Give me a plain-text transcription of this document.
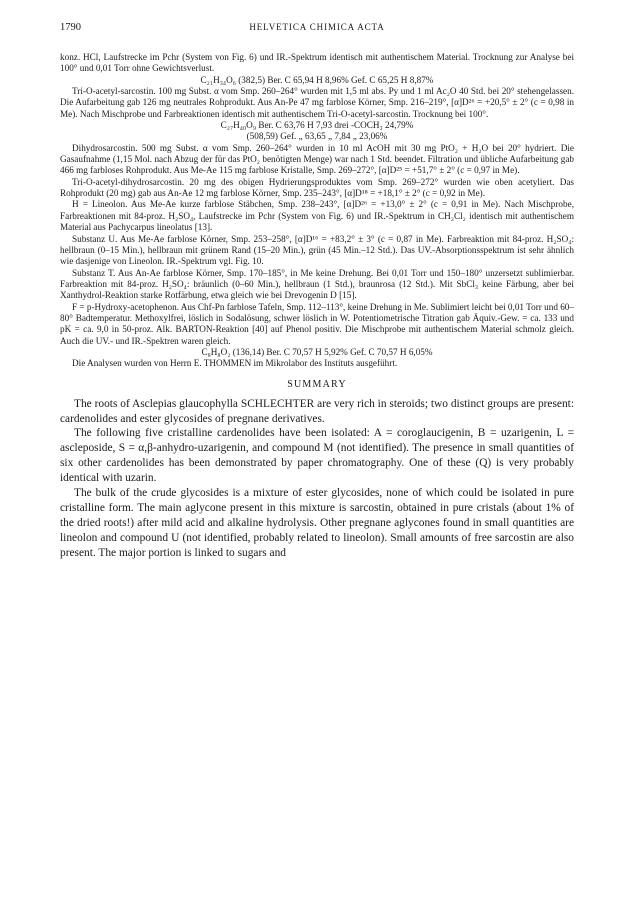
1790	HELVETICA CHIMICA ACTA

konz. HCl, Laufstrecke im Pchr (System von Fig. 6) und IR.-Spektrum identisch mit authentischem Material. Trocknung zur Analyse bei 100° und 0,01 Torr ohne Gewichtsverlust.

C₂₁H₃₄O₆ (382,5) Ber. C 65,94 H 8,96% Gef. C 65,25 H 8,87%

Tri-O-acetyl-sarcostin. 100 mg Subst. α vom Smp. 260–264° wurden mit 1,5 ml abs. Py und 1 ml Ac₂O 40 Std. bei 20° stehengelassen. Die Aufarbeitung gab 126 mg neutrales Rohprodukt. Aus An-Pe 47 mg farblose Körner, Smp. 216–219°, [α]D²⁶ = +20,5° ± 2° (c = 0,98 in Me). Nach Mischprobe und Farbreaktionen identisch mit authentischem Tri-O-acetyl-sarcostin. Trocknung bei 100°.

C₂₇H₄₀O₉ Ber. C 63,76 H 7,93 drei -COCH₃ 24,79%

(508,59) Gef. „ 63,65 „ 7,84 „ 23,06%

Dihydrosarcostin. 500 mg Subst. α vom Smp. 260–264° wurden in 10 ml AcOH mit 30 mg PtO₂ + H₂O bei 20° hydriert. Die Gasaufnahme (1,15 Mol. nach Abzug der für das PtO₂ benötigten Menge) war nach 1 Std. beendet. Filtration und übliche Aufarbeitung gab 466 mg farbloses Rohprodukt. Aus Me-Ae 115 mg farblose Kristalle, Smp. 269–272°, [α]D²⁵ = +51,7° ± 2° (c = 0,97 in Me).

Tri-O-acetyl-dihydrosarcostin. 20 mg des obigen Hydrierungsproduktes vom Smp. 269–272° wurden wie oben acetyliert. Das Rohprodukt (20 mg) gab aus An-Ae 12 mg farblose Körner, Smp. 235–243°, [α]D¹⁸ = +18,1° ± 2° (c = 0,92 in Me).

H = Lineolon. Aus Me-Ae kurze farblose Stäbchen, Smp. 238–243°, [α]D²⁶ = +13,0° ± 2° (c = 0,91 in Me). Nach Mischprobe, Farbreaktionen mit 84-proz. H₂SO₄, Laufstrecke im Pchr (System von Fig. 6) und IR.-Spektrum in CH₂Cl₂ identisch mit authentischem Material aus Pachycarpus lineolatus [13].

Substanz U. Aus Me-Ae farblose Körner, Smp. 253–258°, [α]D¹⁶ = +83,2° ± 3° (c = 0,87 in Me). Farbreaktion mit 84-proz. H₂SO₄: hellbraun (0–15 Min.), hellbraun mit grünem Rand (15–20 Min.), grün (45 Min.–12 Std.). Das UV.-Absorptionsspektrum ist sehr ähnlich wie dasjenige von Lineolon. IR.-Spektrum vgl. Fig. 10.

Substanz T. Aus An-Ae farblose Körner, Smp. 170–185°, in Me keine Drehung. Bei 0,01 Torr und 150–180° unzersetzt sublimierbar. Farbreaktion mit 84-proz. H₂SO₄: bräunlich (0–60 Min.), hellbraun (1 Std.), braunrosa (12 Std.). Mit SbCl₃ keine Färbung, aber bei Xanthydrol-Reaktion starke Rotfärbung, etwa gleich wie bei Drevogenin D [15].

F = p-Hydroxy-acetophenon. Aus Chf-Pn farblose Tafeln, Smp. 112–113°, keine Drehung in Me. Sublimiert leicht bei 0,01 Torr und 60–80° Badtemperatur. Methoxylfrei, löslich in Sodalösung, schwer löslich in W. Potentiometrische Titration gab Äquiv.-Gew. = ca. 133 und pK = ca. 9,0 in 50-proz. Alk. BARTON-Reaktion [40] auf Phenol positiv. Die Mischprobe mit authentischem Material schmolz gleich. Auch die UV.- und IR.-Spektren waren gleich.

C₈H₈O₂ (136,14) Ber. C 70,57 H 5,92% Gef. C 70,57 H 6,05%

Die Analysen wurden von Herrn E. THOMMEN im Mikrolabor des Instituts ausgeführt.

SUMMARY

The roots of Asclepias glaucophylla SCHLECHTER are very rich in steroids; two distinct groups are present: cardenolides and ester glycosides of pregnane derivatives.

The following five cristalline cardenolides have been isolated: A = coroglaucigenin, B = uzarigenin, L = ascleposide, S = α,β-anhydro-uzarigenin, and compound M (not identified). The presence in small quantities of six other cardenolides has been demonstrated by paper chromatography. One of these (Q) is very probably identical with uzarin.

The bulk of the crude glycosides is a mixture of ester glycosides, none of which could be isolated in pure cristalline form. The main aglycone present in this mixture is sarcostin, obtained in pure cristals (about 1% of the dried roots!) after mild acid and alkaline hydrolysis. Other pregnane aglycones found in small quantities are lineolon and compound U (not identified, probably related to lineolon). Small amounts of free sarcostin are also present. The major portion is linked to sugars and
